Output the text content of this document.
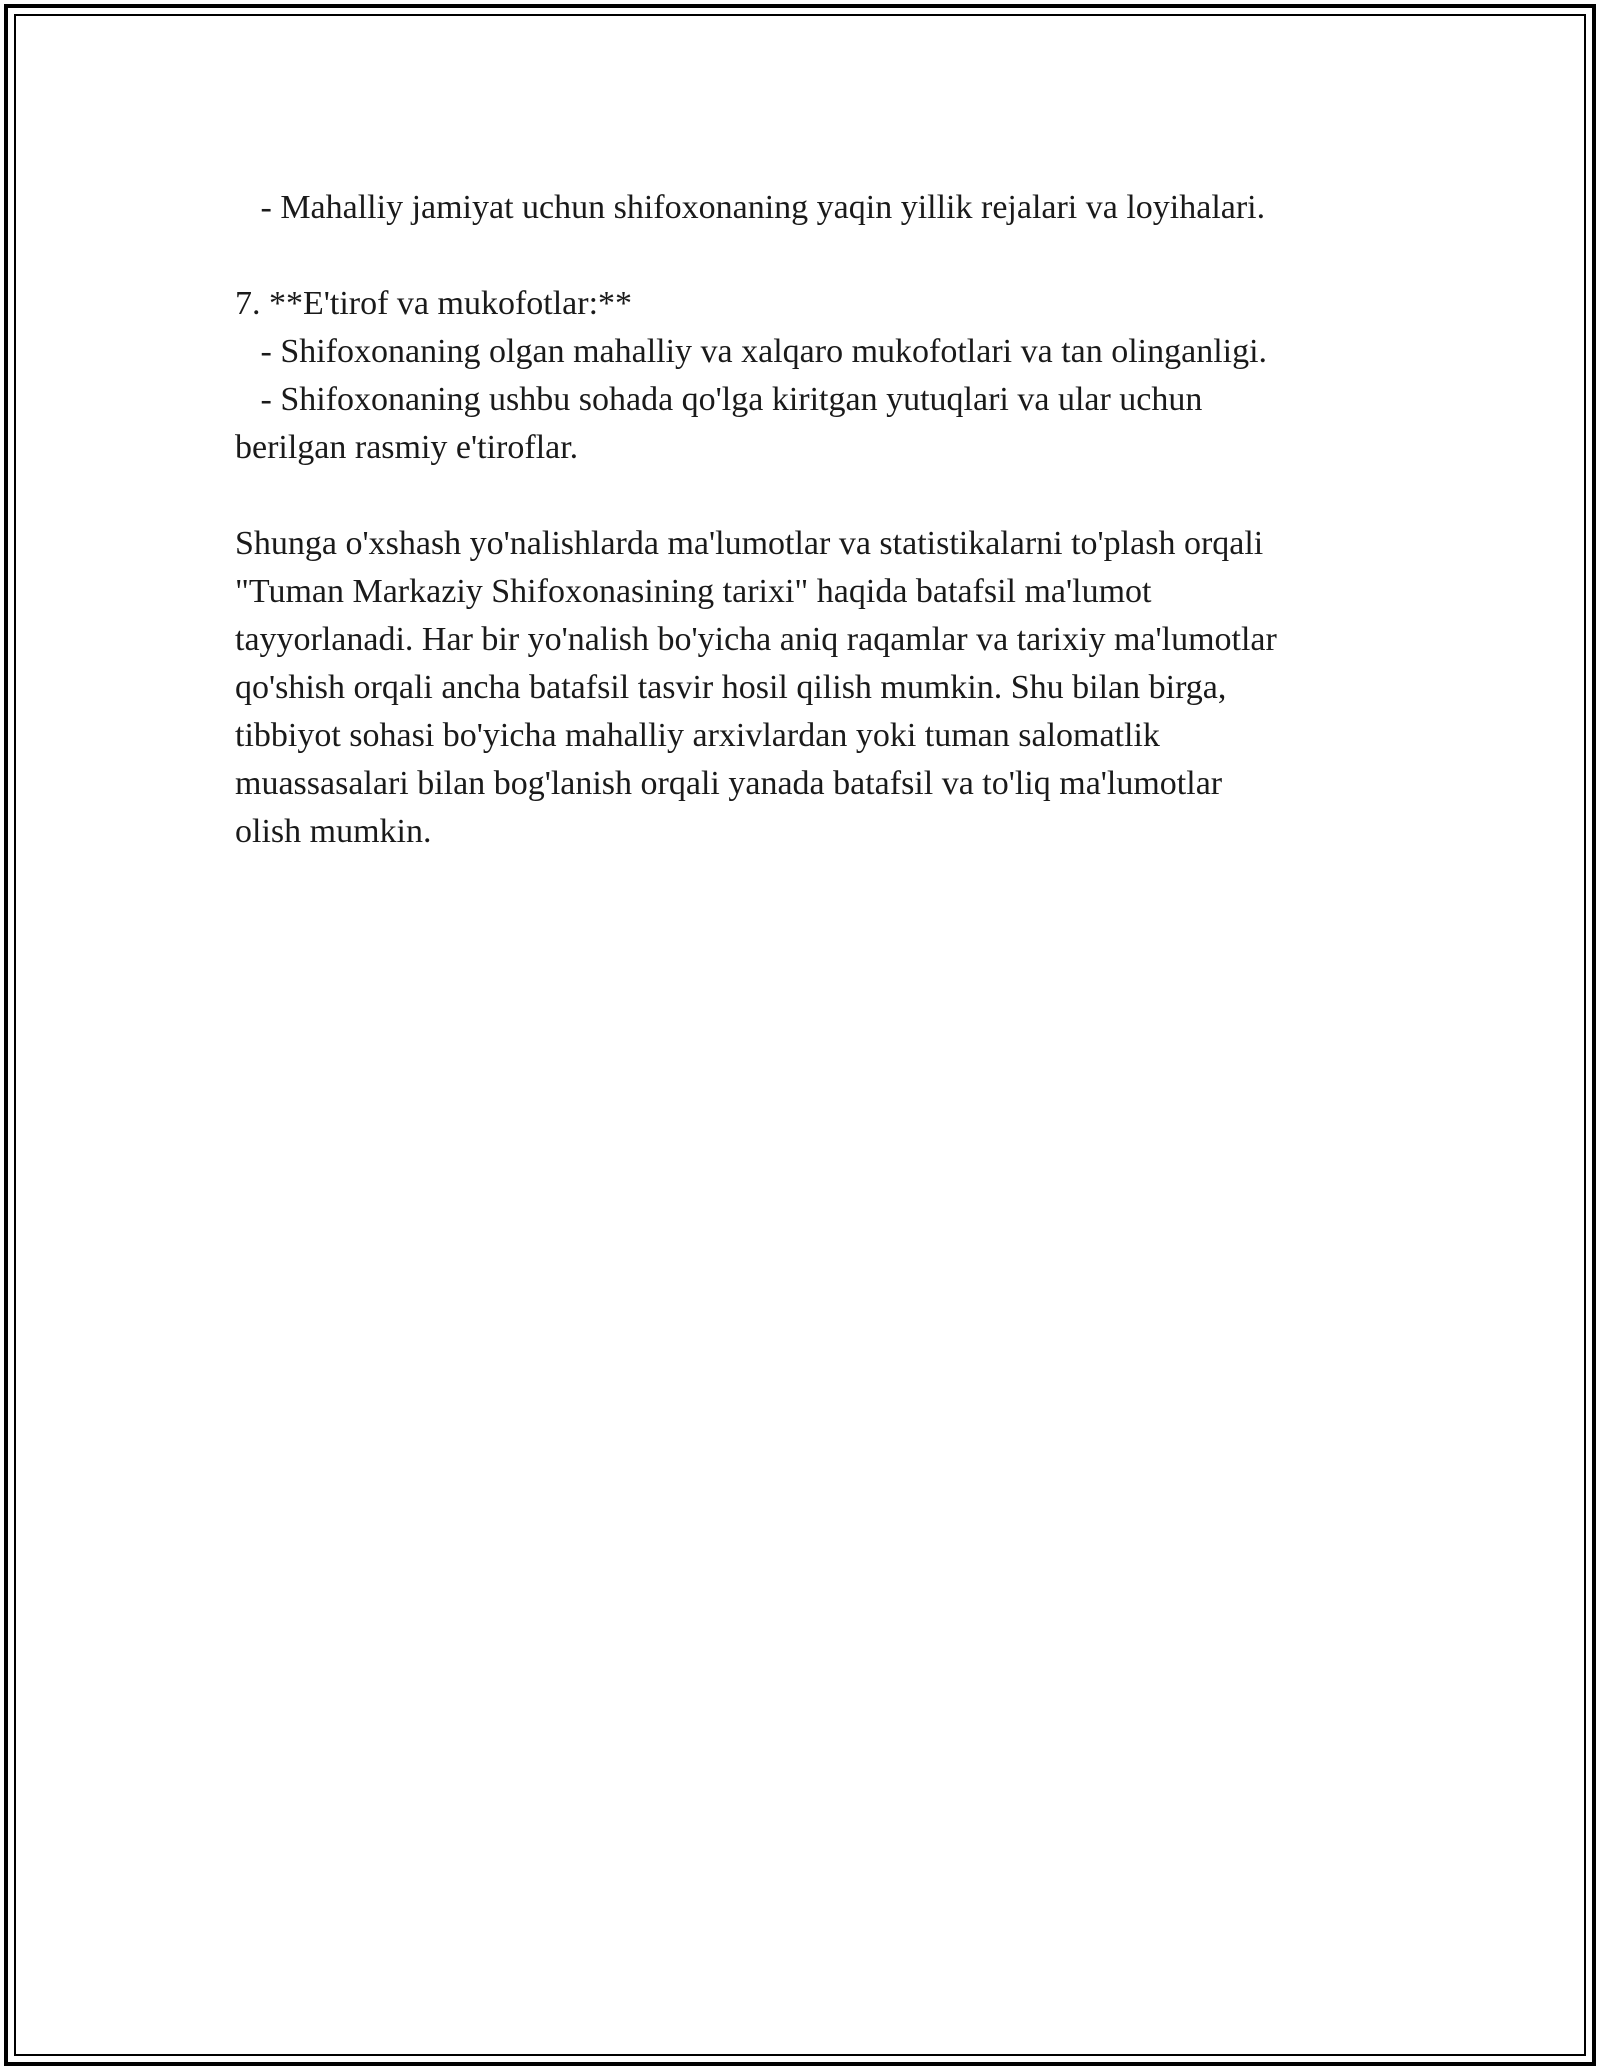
- Mahalliy jamiyat uchun shifoxonaning yaqin yillik rejalari va loyihalari.
7. **E'tirof va mukofotlar:**
- Shifoxonaning olgan mahalliy va xalqaro mukofotlari va tan olinganligi.
- Shifoxonaning ushbu sohada qo'lga kiritgan yutuqlari va ular uchun
berilgan rasmiy e'tiroflar.
Shunga o'xshash yo'nalishlarda ma'lumotlar va statistikalarni to'plash orqali
"Tuman Markaziy Shifoxonasining tarixi" haqida batafsil ma'lumot
tayyorlanadi. Har bir yo'nalish bo'yicha aniq raqamlar va tarixiy ma'lumotlar
qo'shish orqali ancha batafsil tasvir hosil qilish mumkin. Shu bilan birga,
tibbiyot sohasi bo'yicha mahalliy arxivlardan yoki tuman salomatlik
muassasalari bilan bog'lanish orqali yanada batafsil va to'liq ma'lumotlar
olish mumkin.
